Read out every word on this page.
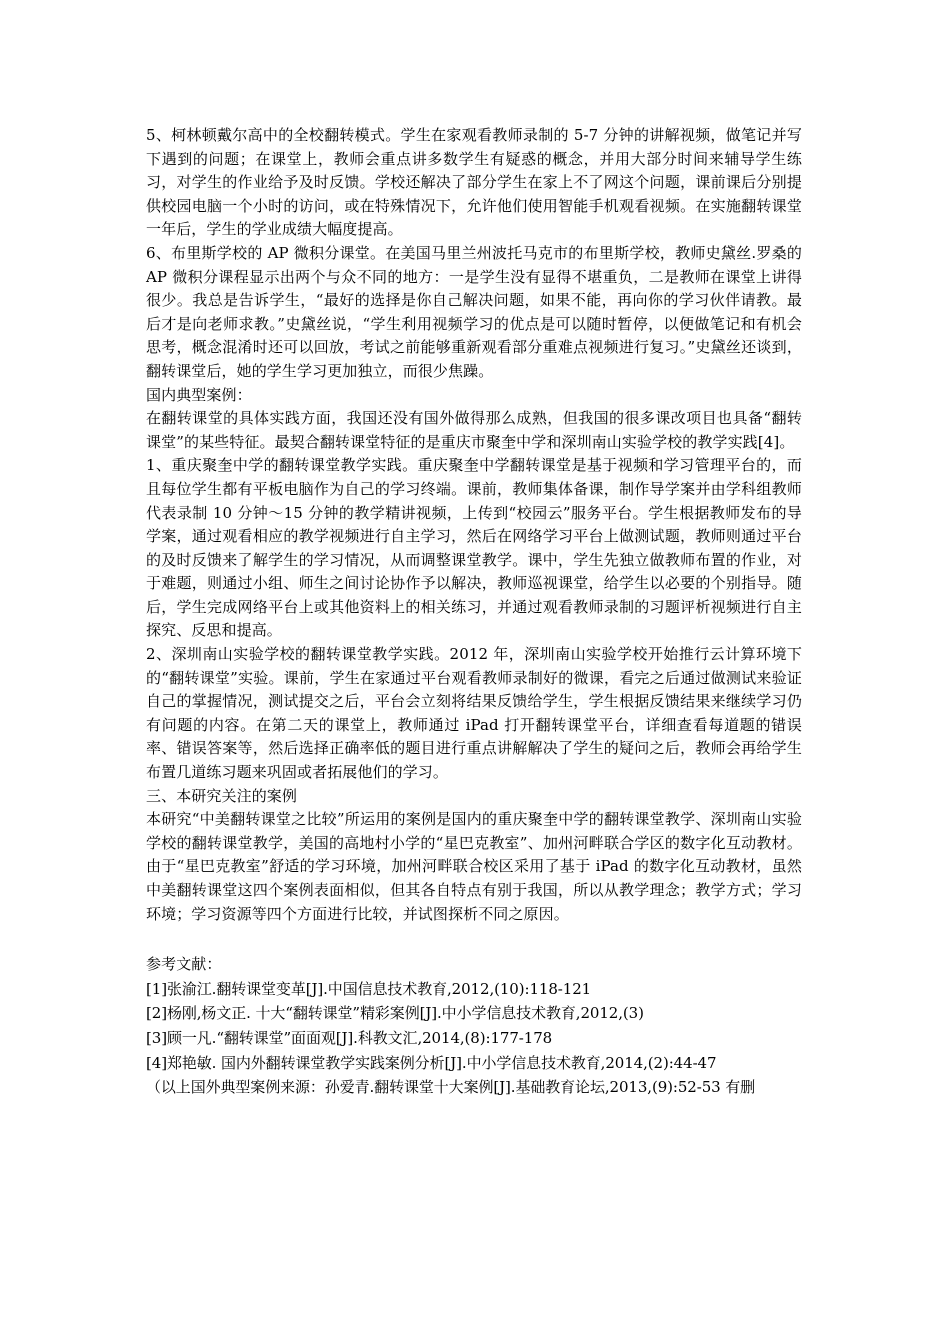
5、柯林顿戴尔高中的全校翻转模式。学生在家观看教师录制的 5-7 分钟的讲解视频，做笔记并写下遇到的问题；在课堂上，教师会重点讲多数学生有疑惑的概念，并用大部分时间来辅导学生练习，对学生的作业给予及时反馈。学校还解决了部分学生在家上不了网这个问题，课前课后分别提供校园电脑一个小时的访问，或在特殊情况下，允许他们使用智能手机观看视频。在实施翻转课堂一年后，学生的学业成绩大幅度提高。

6、布里斯学校的 AP 微积分课堂。在美国马里兰州波托马克市的布里斯学校，教师史黛丝.罗桑的 AP 微积分课程显示出两个与众不同的地方：一是学生没有显得不堪重负，二是教师在课堂上讲得很少。我总是告诉学生，“最好的选择是你自己解决问题，如果不能，再向你的学习伙伴请教。最后才是向老师求教。”史黛丝说，“学生利用视频学习的优点是可以随时暂停，以便做笔记和有机会思考，概念混淆时还可以回放，考试之前能够重新观看部分重难点视频进行复习。”史黛丝还谈到，翻转课堂后，她的学生学习更加独立，而很少焦躁。

国内典型案例：

在翻转课堂的具体实践方面，我国还没有国外做得那么成熟，但我国的很多课改项目也具备“翻转课堂”的某些特征。最契合翻转课堂特征的是重庆市聚奎中学和深圳南山实验学校的教学实践[4]。

1、重庆聚奎中学的翻转课堂教学实践。重庆聚奎中学翻转课堂是基于视频和学习管理平台的，而且每位学生都有平板电脑作为自己的学习终端。课前，教师集体备课，制作导学案并由学科组教师代表录制 10 分钟～15 分钟的教学精讲视频，上传到“校园云”服务平台。学生根据教师发布的导学案，通过观看相应的教学视频进行自主学习，然后在网络学习平台上做测试题，教师则通过平台的及时反馈来了解学生的学习情况，从而调整课堂教学。课中，学生先独立做教师布置的作业，对于难题，则通过小组、师生之间讨论协作予以解决，教师巡视课堂，给学生以必要的个别指导。随后，学生完成网络平台上或其他资料上的相关练习，并通过观看教师录制的习题评析视频进行自主探究、反思和提高。

2、深圳南山实验学校的翻转课堂教学实践。2012 年，深圳南山实验学校开始推行云计算环境下的“翻转课堂”实验。课前，学生在家通过平台观看教师录制好的微课，看完之后通过做测试来验证自己的掌握情况，测试提交之后，平台会立刻将结果反馈给学生，学生根据反馈结果来继续学习仍有问题的内容。在第二天的课堂上，教师通过 iPad 打开翻转课堂平台，详细查看每道题的错误率、错误答案等，然后选择正确率低的题目进行重点讲解解决了学生的疑问之后，教师会再给学生布置几道练习题来巩固或者拓展他们的学习。

三、本研究关注的案例

本研究“中美翻转课堂之比较”所运用的案例是国内的重庆聚奎中学的翻转课堂教学、深圳南山实验学校的翻转课堂教学，美国的高地村小学的“星巴克教室”、加州河畔联合学区的数字化互动教材。由于“星巴克教室”舒适的学习环境，加州河畔联合校区采用了基于 iPad 的数字化互动教材，虽然中美翻转课堂这四个案例表面相似，但其各自特点有别于我国，所以从教学理念；教学方式；学习环境；学习资源等四个方面进行比较，并试图探析不同之原因。

参考文献：

[1]张渝江.翻转课堂变革[J].中国信息技术教育,2012,(10):118-121

[2]杨刚,杨文正. 十大“翻转课堂”精彩案例[J].中小学信息技术教育,2012,(3)

[3]顾一凡.“翻转课堂”面面观[J].科教文汇,2014,(8):177-178

[4]郑艳敏. 国内外翻转课堂教学实践案例分析[J].中小学信息技术教育,2014,(2):44-47

（以上国外典型案例来源：孙爱青.翻转课堂十大案例[J].基础教育论坛,2013,(9):52-53 有删
